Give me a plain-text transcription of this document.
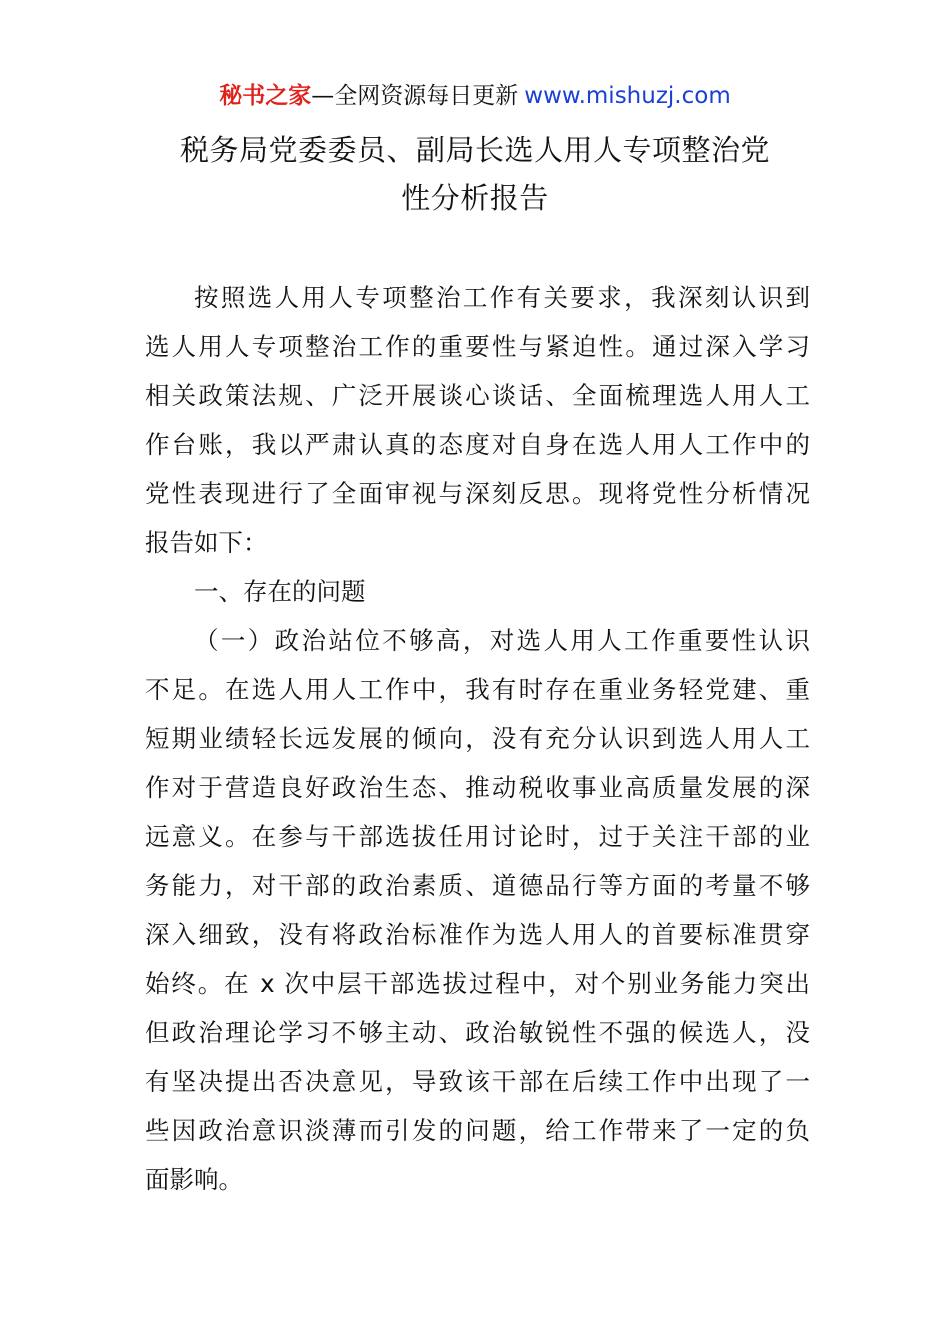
秘书之家—全网资源每日更新 www.mishuzj.com
税务局党委委员、副局长选人用人专项整治党
性分析报告
按照选人用人专项整治工作有关要求，我深刻认识到
选人用人专项整治工作的重要性与紧迫性。通过深入学习
相关政策法规、广泛开展谈心谈话、全面梳理选人用人工
作台账，我以严肃认真的态度对自身在选人用人工作中的
党性表现进行了全面审视与深刻反思。现将党性分析情况
报告如下：
一、存在的问题
（一）政治站位不够高，对选人用人工作重要性认识
不足。在选人用人工作中，我有时存在重业务轻党建、重
短期业绩轻长远发展的倾向，没有充分认识到选人用人工
作对于营造良好政治生态、推动税收事业高质量发展的深
远意义。在参与干部选拔任用讨论时，过于关注干部的业
务能力，对干部的政治素质、道德品行等方面的考量不够
深入细致，没有将政治标准作为选人用人的首要标准贯穿
始终。在 x 次中层干部选拔过程中，对个别业务能力突出
但政治理论学习不够主动、政治敏锐性不强的候选人，没
有坚决提出否决意见，导致该干部在后续工作中出现了一
些因政治意识淡薄而引发的问题，给工作带来了一定的负
面影响。
